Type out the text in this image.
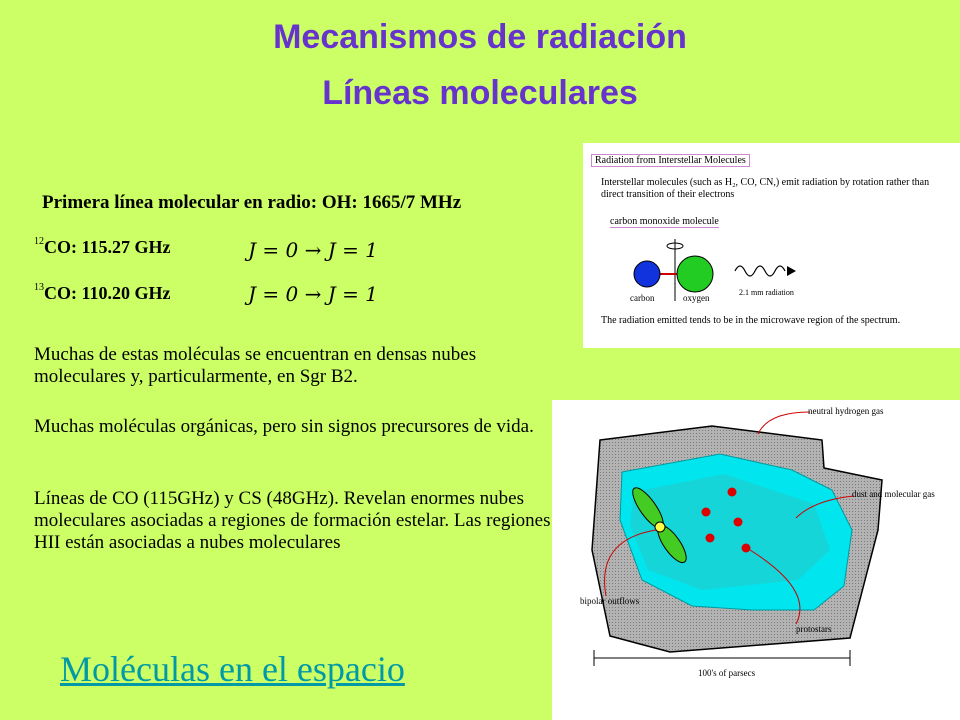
Mecanismos de radiación
Líneas moleculares
Primera línea molecular en radio: OH: 1665/7 MHz
$^{12}$CO: 115.27 GHz	J = 0 → J = 1
$^{13}$CO: 110.20 GHz	J = 0 → J = 1

Muchas de estas moléculas se encuentran en densas nubes moleculares y, particularmente, en Sgr B2.

Muchas moléculas orgánicas, pero sin signos precursores de vida.

Líneas de CO (115GHz) y CS (48GHz). Revelan enormes nubes moleculares asociadas a regiones de formación estelar. Las regiones HII están asociadas a nubes moleculares

Moléculas en el espacio
Radiation from Interstellar Molecules
Interstellar molecules (such as H₂, CO, CN,) emit radiation by rotation rather than direct transition of their electrons
carbon monoxide molecule
carbon	oxygen
2.1 mm radiation
The radiation emitted tends to be in the microwave region of the spectrum.
neutral hydrogen gas
dust and molecular gas
bipolar outflows
protostars
100's of parsecs
